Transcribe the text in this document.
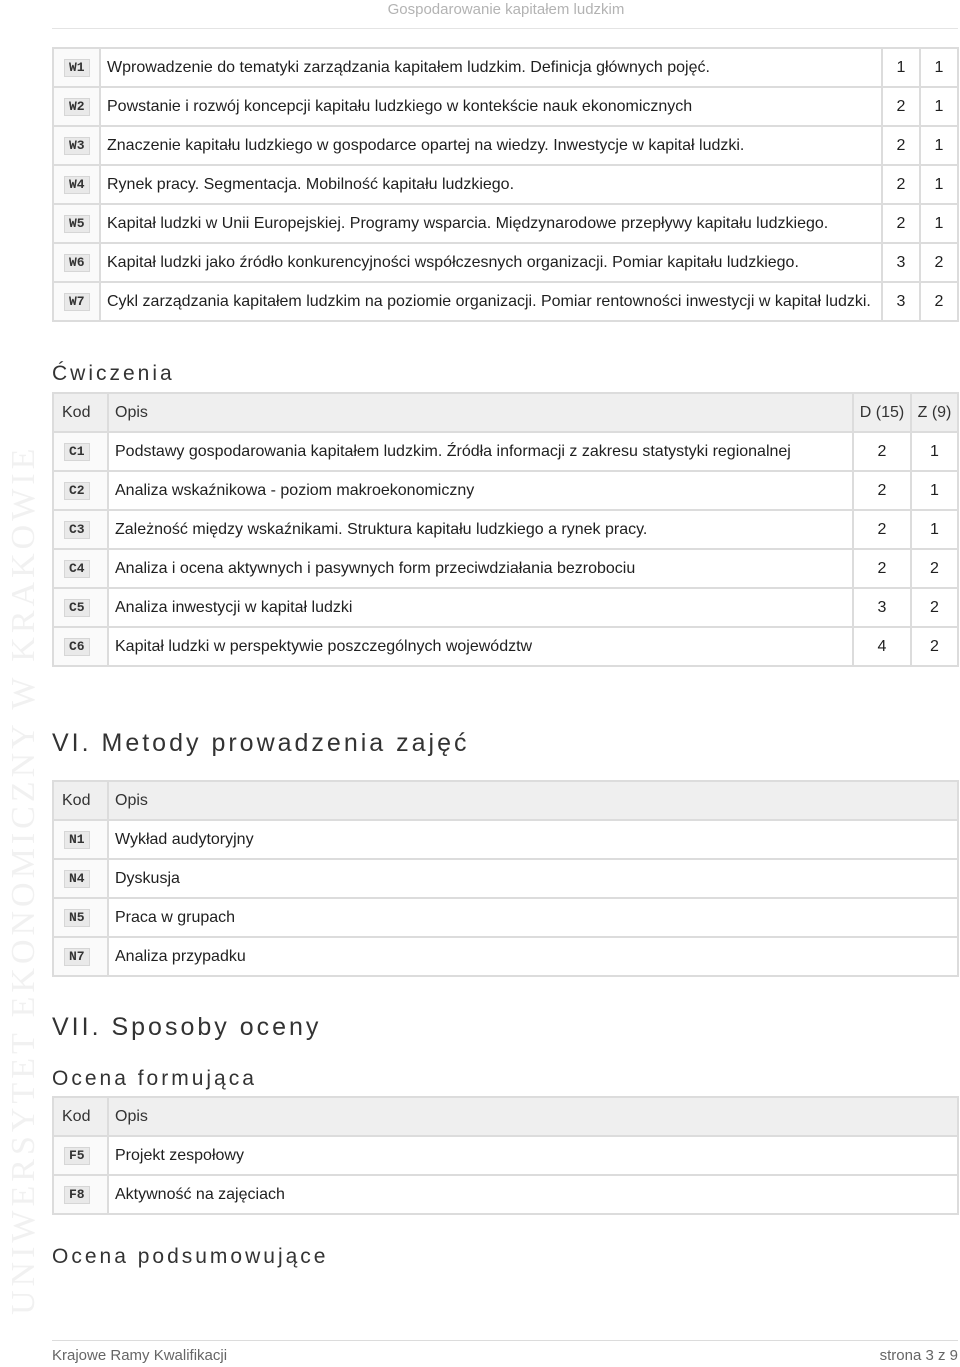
UNIWERSYTET EKONOMICZNY W KRAKOWIE
Gospodarowanie kapitałem ludzkim
W1	Wprowadzenie do tematyki zarządzania kapitałem ludzkim. Definicja głównych pojęć.	1	1
W2	Powstanie i rozwój koncepcji kapitału ludzkiego w kontekście nauk ekonomicznych	2	1
W3	Znaczenie kapitału ludzkiego w gospodarce opartej na wiedzy. Inwestycje w kapitał ludzki.	2	1
W4	Rynek pracy. Segmentacja. Mobilność kapitału ludzkiego.	2	1
W5	Kapitał ludzki w Unii Europejskiej. Programy wsparcia. Międzynarodowe przepływy kapitału ludzkiego.	2	1
W6	Kapitał ludzki jako źródło konkurencyjności współczesnych organizacji. Pomiar kapitału ludzkiego.	3	2
W7	Cykl zarządzania kapitałem ludzkim na poziomie organizacji. Pomiar rentowności inwestycji w kapitał ludzki.	3	2
Ćwiczenia
Kod	Opis	D (15)	Z (9)
C1	Podstawy gospodarowania kapitałem ludzkim. Źródła informacji z zakresu statystyki regionalnej	2	1
C2	Analiza wskaźnikowa - poziom makroekonomiczny	2	1
C3	Zależność między wskaźnikami. Struktura kapitału ludzkiego a rynek pracy.	2	1
C4	Analiza i ocena aktywnych i pasywnych form przeciwdziałania bezrobociu	2	2
C5	Analiza inwestycji w kapitał ludzki	3	2
C6	Kapitał ludzki w perspektywie poszczególnych województw	4	2
VI. Metody prowadzenia zajęć
Kod	Opis
N1	Wykład audytoryjny
N4	Dyskusja
N5	Praca w grupach
N7	Analiza przypadku
VII. Sposoby oceny
Ocena formująca
Kod	Opis
F5	Projekt zespołowy
F8	Aktywność na zajęciach
Ocena podsumowujące
Krajowe Ramy Kwalifikacji	strona 3 z 9
